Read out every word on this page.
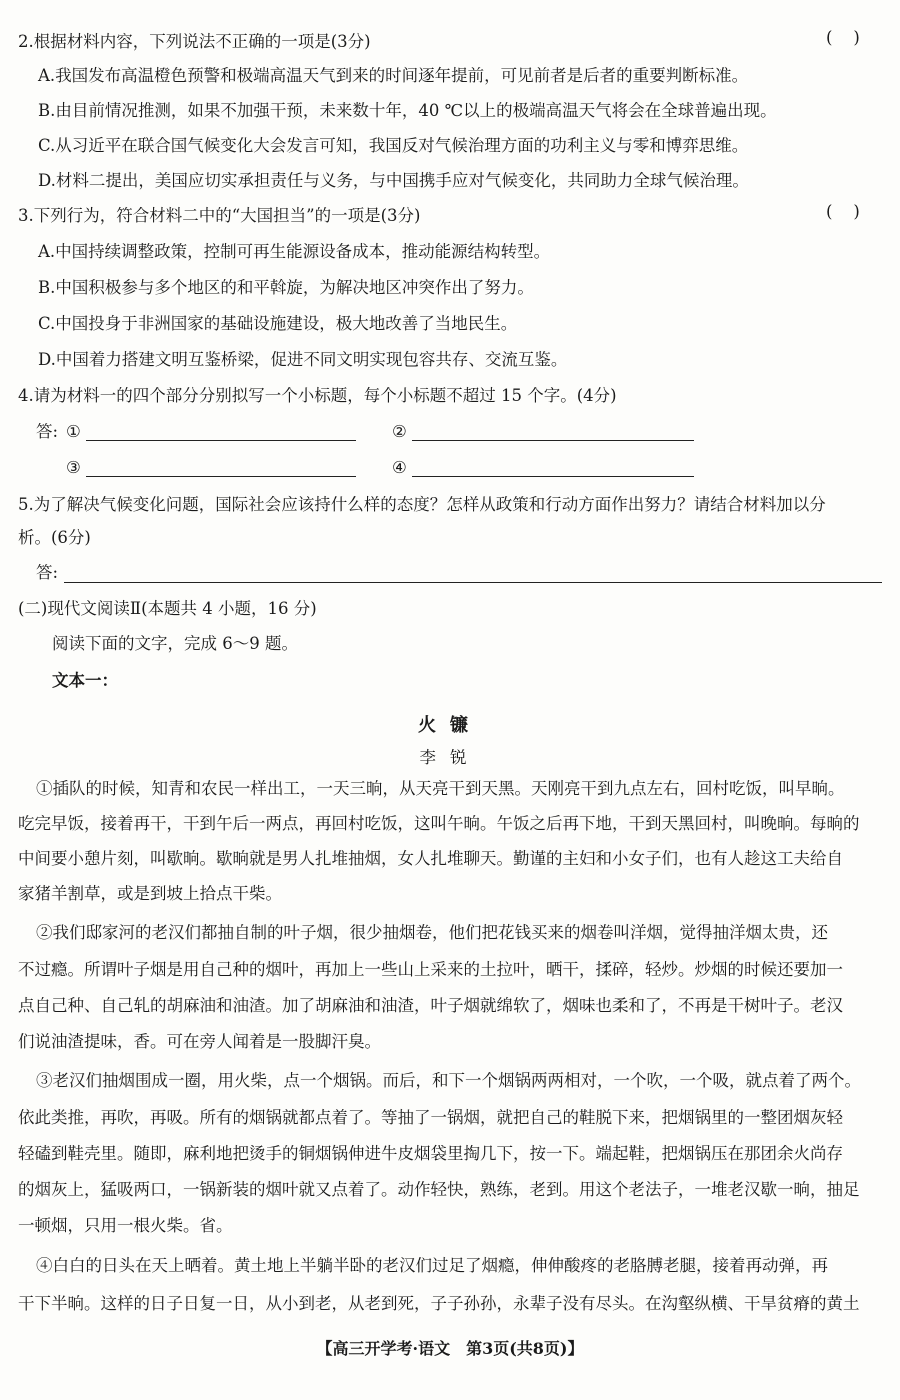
2.根据材料内容，下列说法不正确的一项是(3分)	(    )
A.我国发布高温橙色预警和极端高温天气到来的时间逐年提前，可见前者是后者的重要判断标准。
B.由目前情况推测，如果不加强干预，未来数十年，40 ℃以上的极端高温天气将会在全球普遍出现。
C.从习近平在联合国气候变化大会发言可知，我国反对气候治理方面的功利主义与零和博弈思维。
D.材料二提出，美国应切实承担责任与义务，与中国携手应对气候变化，共同助力全球气候治理。
3.下列行为，符合材料二中的“大国担当”的一项是(3分)	(    )
A.中国持续调整政策，控制可再生能源设备成本，推动能源结构转型。
B.中国积极参与多个地区的和平斡旋，为解决地区冲突作出了努力。
C.中国投身于非洲国家的基础设施建设，极大地改善了当地民生。
D.中国着力搭建文明互鉴桥梁，促进不同文明实现包容共存、交流互鉴。
4.请为材料一的四个部分分别拟写一个小标题，每个小标题不超过 15 个字。(4分)
答: ①	②
③	④
5.为了解决气候变化问题，国际社会应该持什么样的态度？怎样从政策和行动方面作出努力？请结合材料加以分
析。(6分)
答:
(二)现代文阅读Ⅱ(本题共 4 小题，16 分)
阅读下面的文字，完成 6～9 题。
文本一：
火镰
李锐
①插队的时候，知青和农民一样出工，一天三晌，从天亮干到天黑。天刚亮干到九点左右，回村吃饭，叫早晌。
吃完早饭，接着再干，干到午后一两点，再回村吃饭，这叫午晌。午饭之后再下地，干到天黑回村，叫晚晌。每晌的
中间要小憩片刻，叫歇晌。歇晌就是男人扎堆抽烟，女人扎堆聊天。勤谨的主妇和小女子们，也有人趁这工夫给自
家猪羊割草，或是到坡上拾点干柴。
②我们邸家河的老汉们都抽自制的叶子烟，很少抽烟卷，他们把花钱买来的烟卷叫洋烟，觉得抽洋烟太贵，还
不过瘾。所谓叶子烟是用自己种的烟叶，再加上一些山上采来的土拉叶，晒干，揉碎，轻炒。炒烟的时候还要加一
点自己种、自己轧的胡麻油和油渣。加了胡麻油和油渣，叶子烟就绵软了，烟味也柔和了，不再是干树叶子。老汉
们说油渣提味，香。可在旁人闻着是一股脚汗臭。
③老汉们抽烟围成一圈，用火柴，点一个烟锅。而后，和下一个烟锅两两相对，一个吹，一个吸，就点着了两个。
依此类推，再吹，再吸。所有的烟锅就都点着了。等抽了一锅烟，就把自己的鞋脱下来，把烟锅里的一整团烟灰轻
轻磕到鞋壳里。随即，麻利地把烫手的铜烟锅伸进牛皮烟袋里掏几下，按一下。端起鞋，把烟锅压在那团余火尚存
的烟灰上，猛吸两口，一锅新装的烟叶就又点着了。动作轻快，熟练，老到。用这个老法子，一堆老汉歇一晌，抽足
一顿烟，只用一根火柴。省。
④白白的日头在天上晒着。黄土地上半躺半卧的老汉们过足了烟瘾，伸伸酸疼的老胳膊老腿，接着再动弹，再
干下半晌。这样的日子日复一日，从小到老，从老到死，子子孙孙，永辈子没有尽头。在沟壑纵横、干旱贫瘠的黄土
【高三开学考·语文　第3页(共8页)】
